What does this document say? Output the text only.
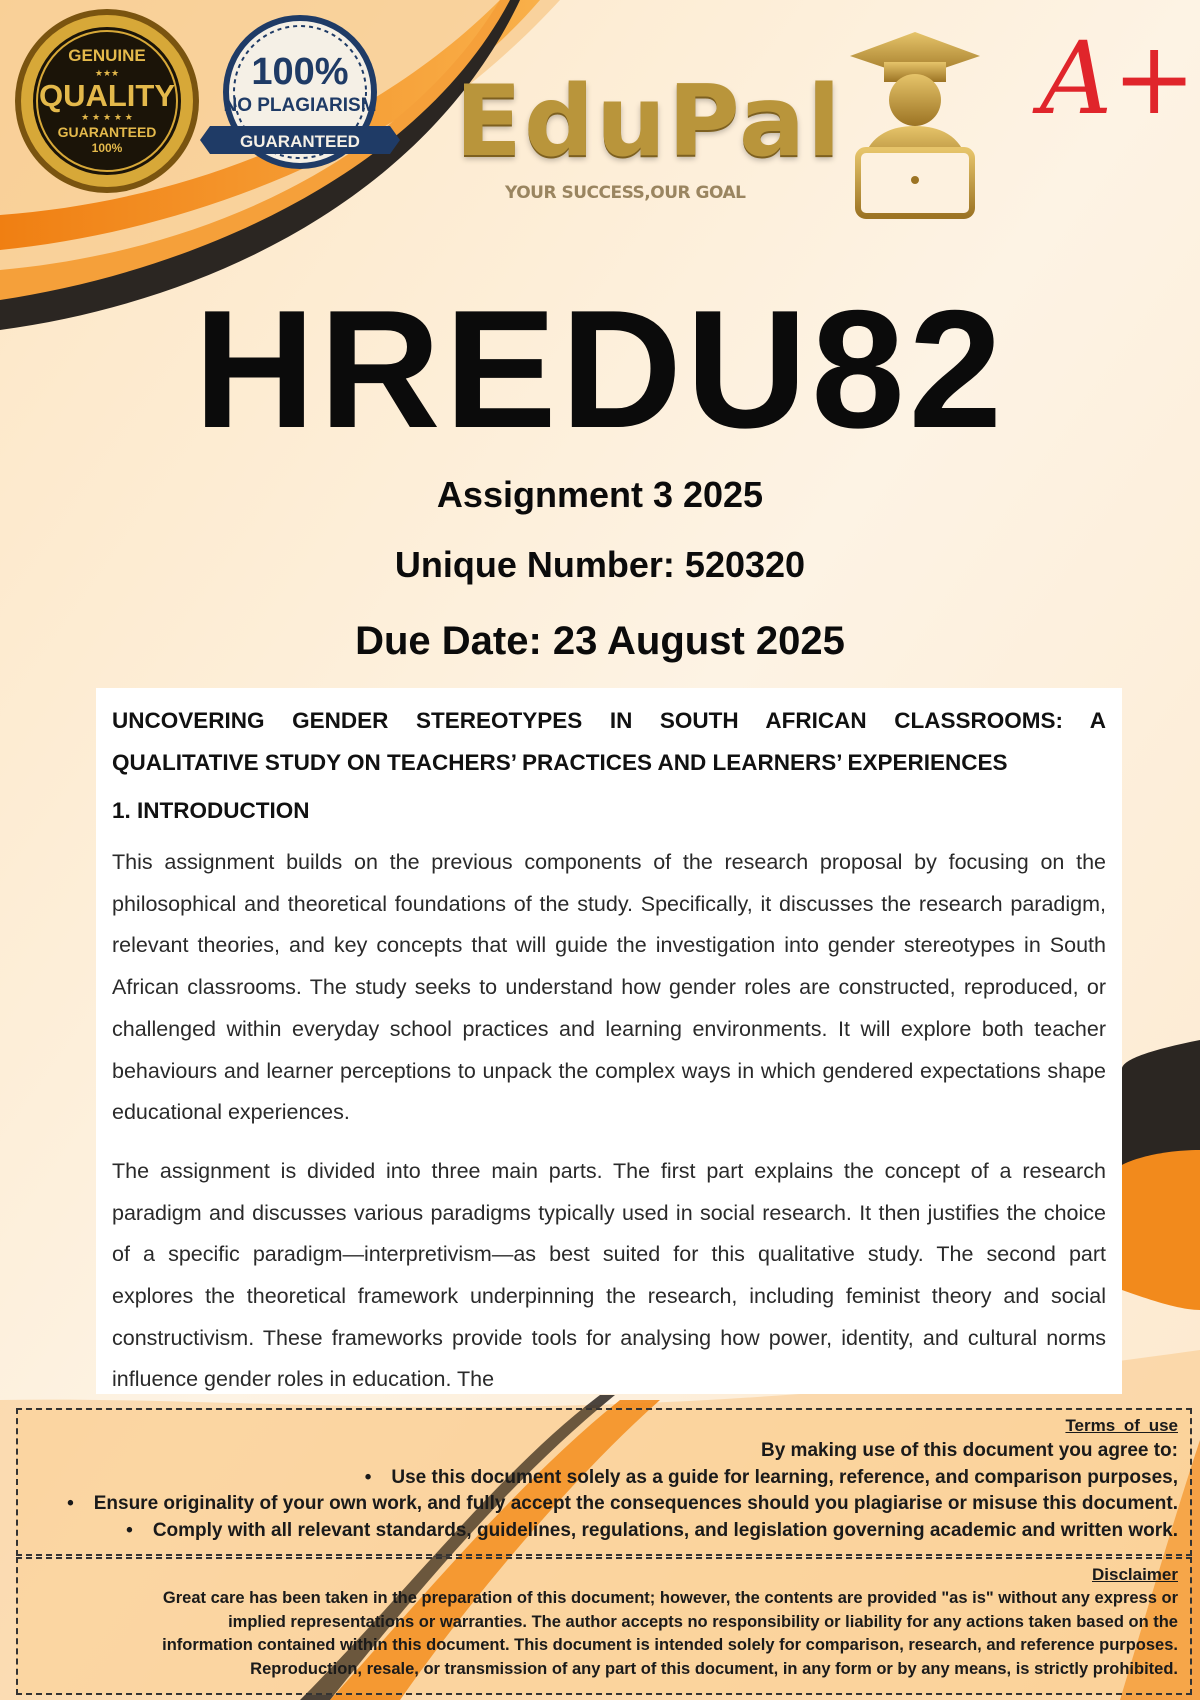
GENUINE
★★★
QUALITY
★ ★ ★ ★ ★
GUARANTEED
100%
100%
NO PLAGIARISM
GUARANTEED EduPal
YOUR SUCCESS,OUR GOAL
A+
HREDU82
Assignment 3 2025
Unique Number: 520320
Due Date: 23 August 2025

UNCOVERING GENDER STEREOTYPES IN SOUTH AFRICAN CLASSROOMS: A QUALITATIVE STUDY ON TEACHERS’ PRACTICES AND LEARNERS’ EXPERIENCES

1. INTRODUCTION

This assignment builds on the previous components of the research proposal by focusing on the philosophical and theoretical foundations of the study. Specifically, it discusses the research paradigm, relevant theories, and key concepts that will guide the investigation into gender stereotypes in South African classrooms. The study seeks to understand how gender roles are constructed, reproduced, or challenged within everyday school practices and learning environments. It will explore both teacher behaviours and learner perceptions to unpack the complex ways in which gendered expectations shape educational experiences.

The assignment is divided into three main parts. The first part explains the concept of a research paradigm and discusses various paradigms typically used in social research. It then justifies the choice of a specific paradigm—interpretivism—as best suited for this qualitative study. The second part explores the theoretical framework underpinning the research, including feminist theory and social constructivism. These frameworks provide tools for analysing how power, identity, and cultural norms influence gender roles in education. The

Terms of use
By making use of this document you agree to:
• Use this document solely as a guide for learning, reference, and comparison purposes,
• Ensure originality of your own work, and fully accept the consequences should you plagiarise or misuse this document.
• Comply with all relevant standards, guidelines, regulations, and legislation governing academic and written work.
Disclaimer
Great care has been taken in the preparation of this document; however, the contents are provided "as is" without any express or
implied representations or warranties. The author accepts no responsibility or liability for any actions taken based on the
information contained within this document. This document is intended solely for comparison, research, and reference purposes.
Reproduction, resale, or transmission of any part of this document, in any form or by any means, is strictly prohibited.
